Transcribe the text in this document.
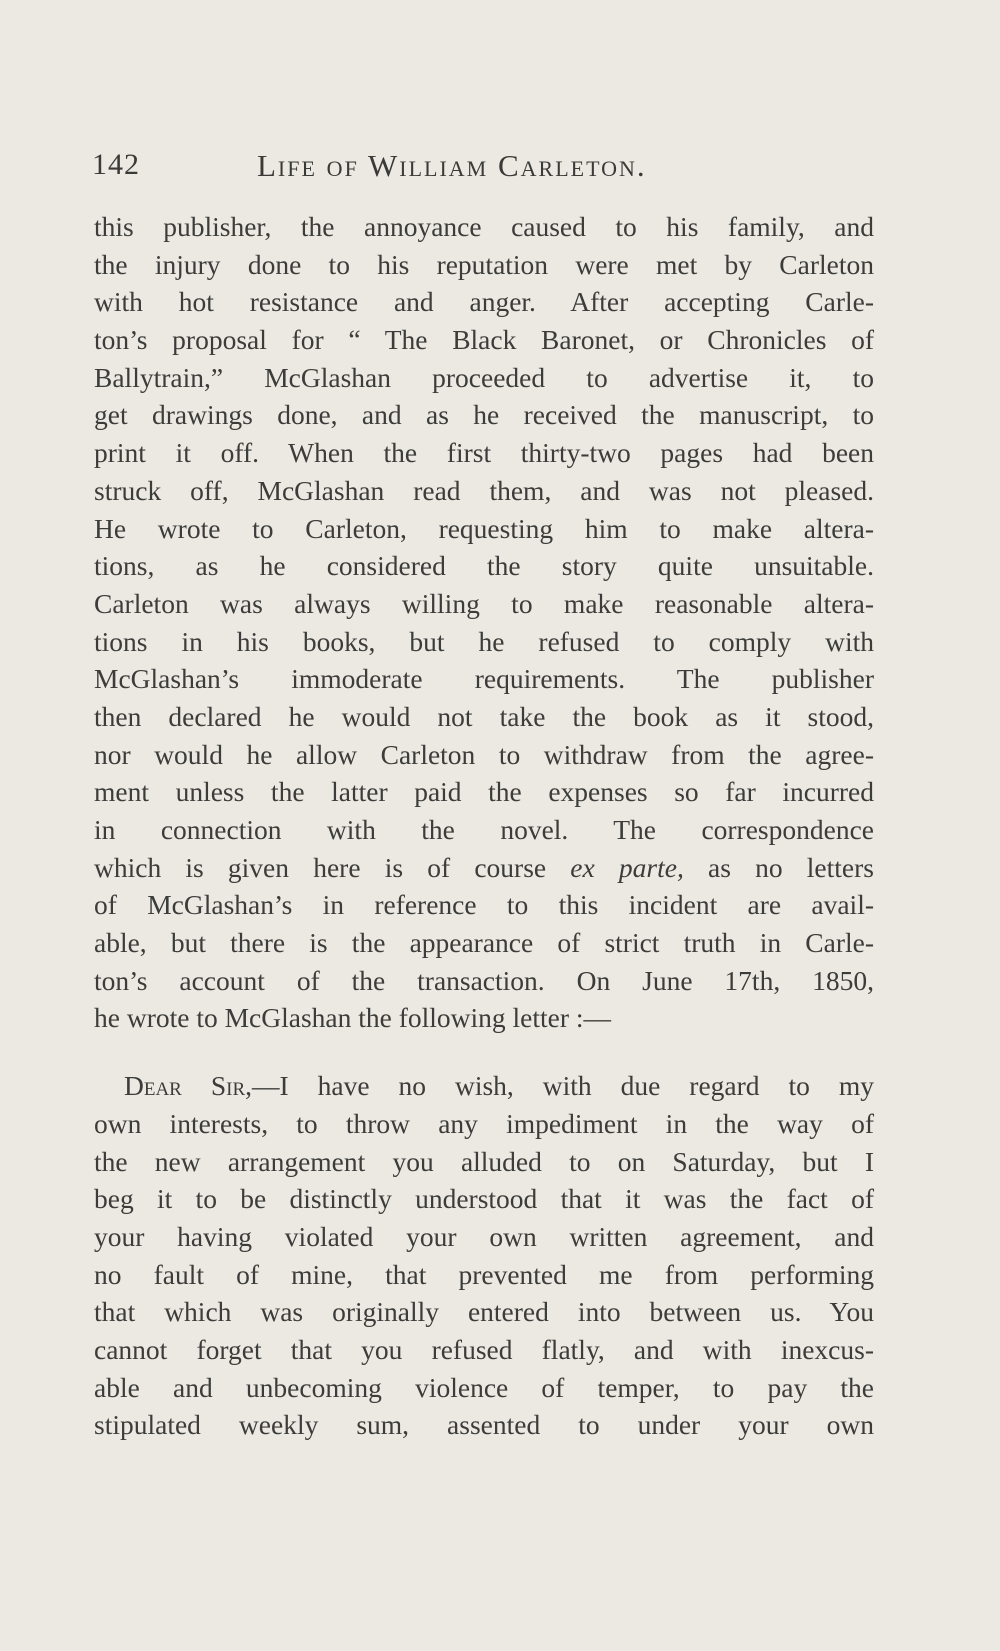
142	Life of William Carleton.
this publisher, the annoyance caused to his family, and
the injury done to his reputation were met by Carleton
with hot resistance and anger. After accepting Carle-
ton’s proposal for “ The Black Baronet, or Chronicles of
Ballytrain,” McGlashan proceeded to advertise it, to
get drawings done, and as he received the manuscript, to
print it off. When the first thirty-two pages had been
struck off, McGlashan read them, and was not pleased.
He wrote to Carleton, requesting him to make altera-
tions, as he considered the story quite unsuitable.
Carleton was always willing to make reasonable altera-
tions in his books, but he refused to comply with
McGlashan’s immoderate requirements. The publisher
then declared he would not take the book as it stood,
nor would he allow Carleton to withdraw from the agree-
ment unless the latter paid the expenses so far incurred
in connection with the novel. The correspondence
which is given here is of course ex parte, as no letters
of McGlashan’s in reference to this incident are avail-
able, but there is the appearance of strict truth in Carle-
ton’s account of the transaction. On June 17th, 1850,
he wrote to McGlashan the following letter :—
Dear Sir,—I have no wish, with due regard to my
own interests, to throw any impediment in the way of
the new arrangement you alluded to on Saturday, but I
beg it to be distinctly understood that it was the fact of
your having violated your own written agreement, and
no fault of mine, that prevented me from performing
that which was originally entered into between us. You
cannot forget that you refused flatly, and with inexcus-
able and unbecoming violence of temper, to pay the
stipulated weekly sum, assented to under your own
